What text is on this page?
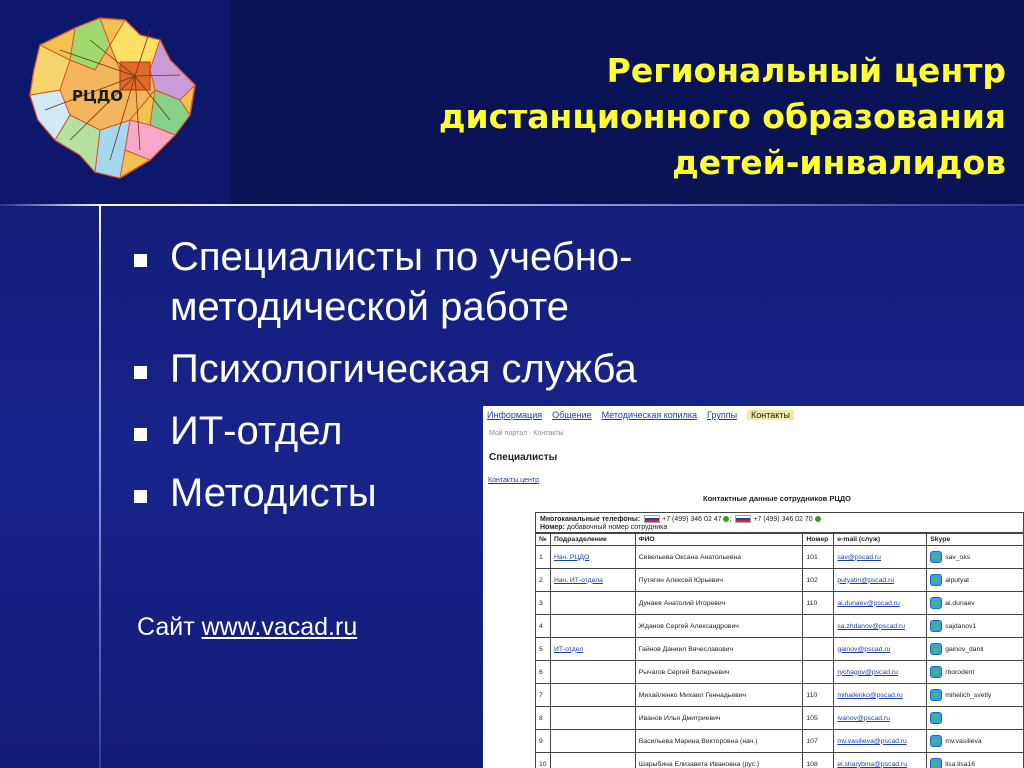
РЦДО
Региональный центр
дистанционного образования
детей-инвалидов
Специалисты по учебно-
методической работе
Психологическая служба
ИТ-отдел
Методисты
Сайт www.vacad.ru
Информация Общение Методическая копилка Группы	Контакты
Мой портал · Контакты
Специалисты
Контакты центр
Контактные данные сотрудников РЦДО
Многоканальные телефоны:	+7 (499) 346 02 47 ;	+7 (499) 346 02 70
Номер: добавочный номер сотрудника
№	Подразделение	ФИО	Номер	e-mail (служ)	Skype
1	Нач. РЦДО	Севельева Оксана Анатольевна	101	sav@pscad.ru	sav_oks
2	Нач. ИТ-отдела	Путягин Алексей Юрьевич	102	putyatin@pscad.ru	alputyat
3		Дунаев Анатолий Игоревич	110	ai.dunaev@pscad.ru	ai.dunaev
4		Жданов Сергей Александрович		sa.zhdanov@pscad.ru	sajdanov1
5	ИТ-отдел	Гайнов Даниил Вячеславович		gainov@pscad.ru	gainov_danil
6		Рычагов Сергей Валерьевич		rychagov@pscad.ru	rborodent
7		Михайленко Михаил Геннадьевич	110	mihailenko@pscad.ru	mihelich_svetly
8		Иванов Илья Дмитриевич	105	ivanov@pscad.ru	
9		Васильева Марина Викторовна (нач.)	107	mv.vasilieva@pscad.ru	mv.vasilieva
10		Шарыбина Елизавета Ивановна (рус.)	108	el.sharybina@pscad.ru	lisa.lisa16
